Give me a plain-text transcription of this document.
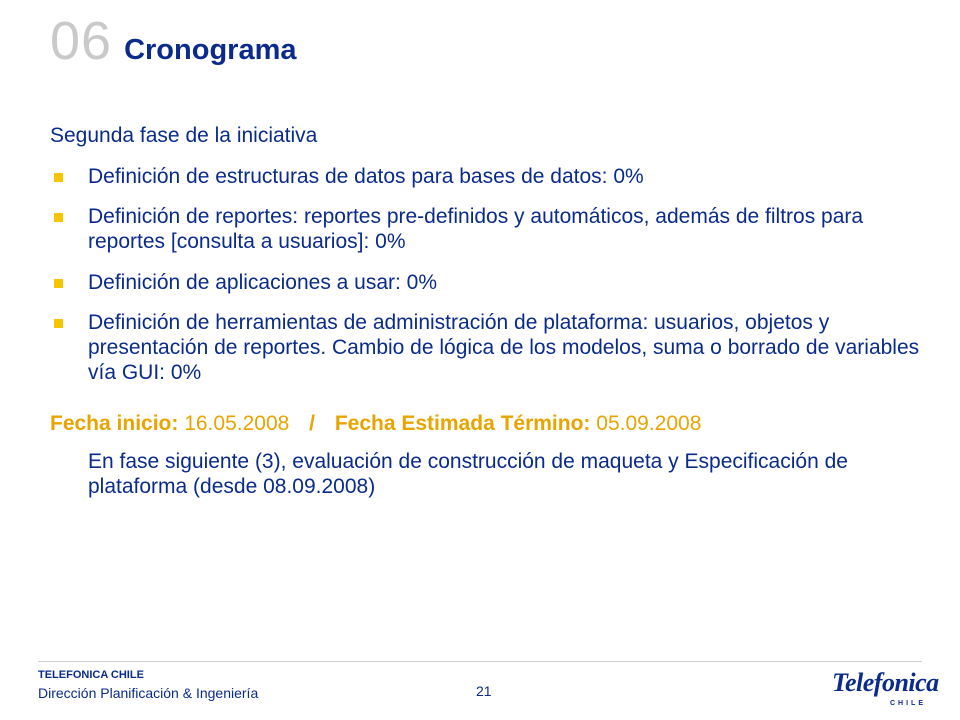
06 Cronograma
Segunda fase de la iniciativa
Definición de estructuras de datos para bases de datos: 0%
Definición de reportes: reportes pre-definidos y automáticos, además de filtros para reportes [consulta a usuarios]: 0%
Definición de aplicaciones a usar: 0%
Definición de herramientas de administración de plataforma: usuarios, objetos y presentación de reportes. Cambio de lógica de los modelos, suma o borrado de variables vía GUI: 0%
Fecha inicio: 16.05.2008 / Fecha Estimada Término: 05.09.2008
En fase siguiente (3), evaluación de construcción de maqueta y Especificación de plataforma (desde 08.09.2008)
TELEFONICA CHILE
Dirección Planificación & Ingeniería	21	Telefonica
CHILE
